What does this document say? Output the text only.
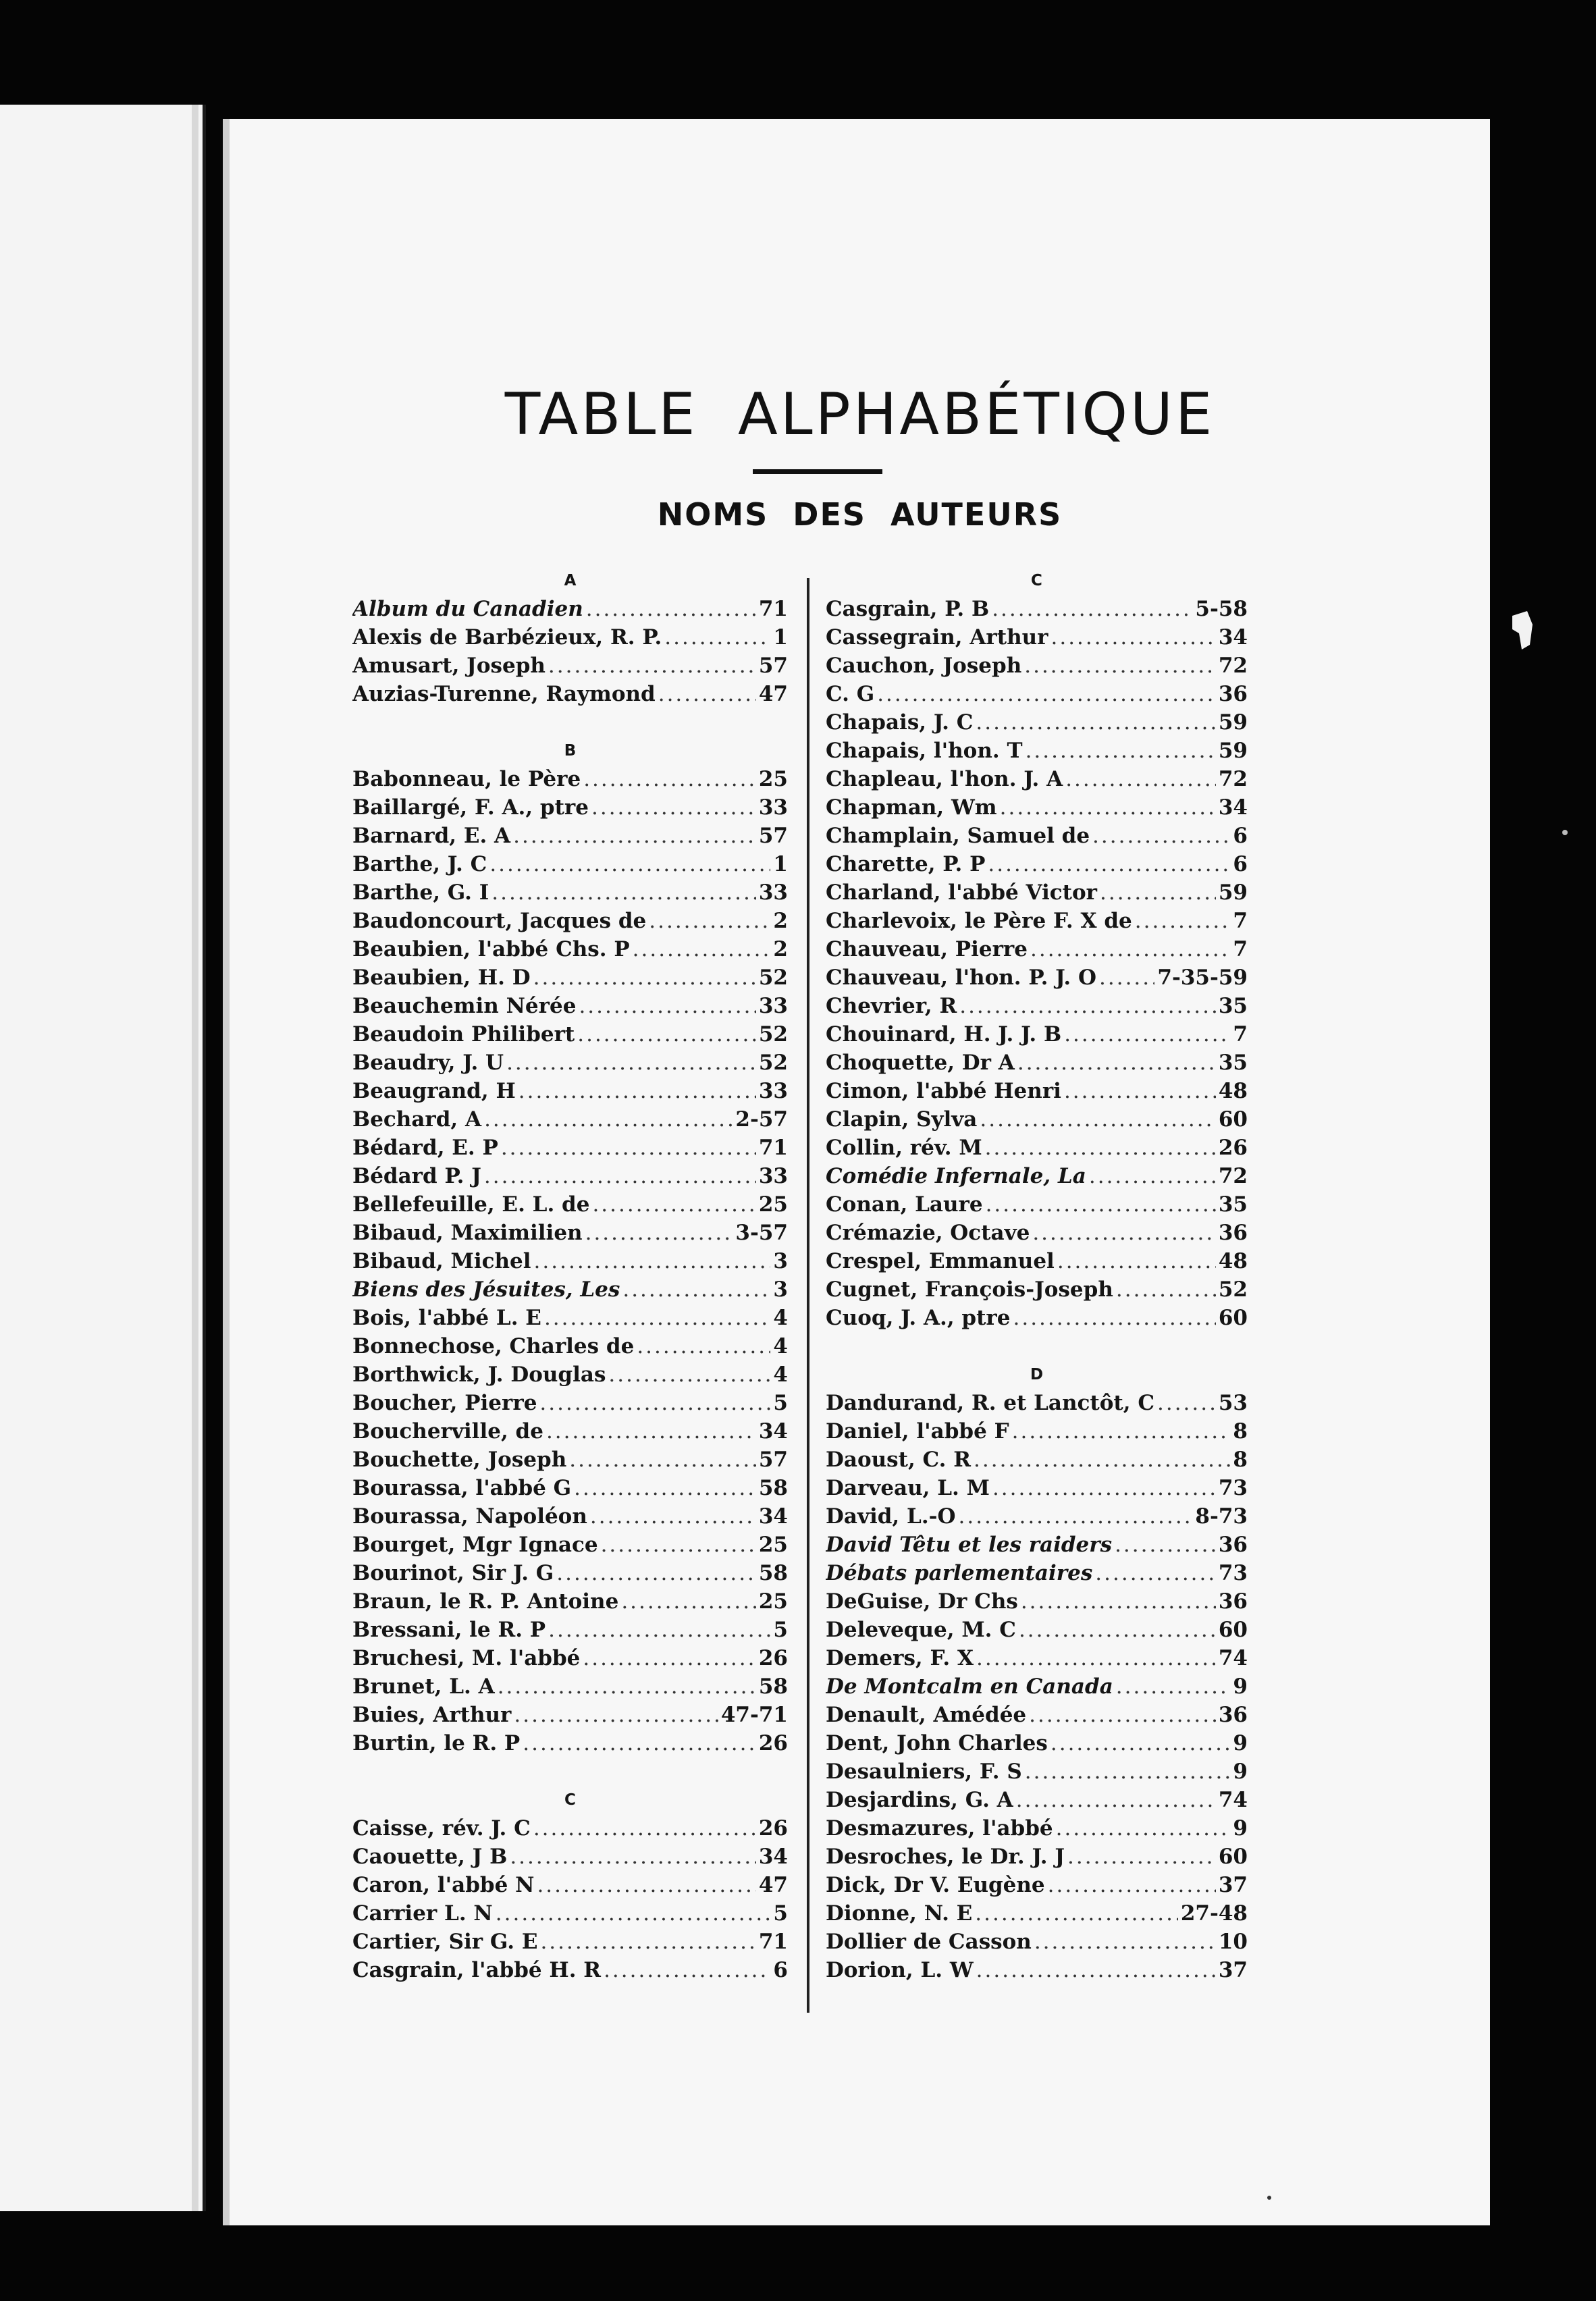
TABLE ALPHABÉTIQUE
NOMS DES AUTEURS
A
Album du Canadien .....	71
Alexis de Barbézieux, R. P. .....	1
Amusart, Joseph .....	57
Auzias-Turenne, Raymond .....	47
B
Babonneau, le Père .....	25
Baillargé, F. A., ptre .....	33
Barnard, E. A .....	57
Barthe, J. C .....	1
Barthe, G. I .....	33
Baudoncourt, Jacques de .....	2
Beaubien, l'abbé Chs. P .....	2
Beaubien, H. D .....	52
Beauchemin Nérée .....	33
Beaudoin Philibert .....	52
Beaudry, J. U .....	52
Beaugrand, H .....	33
Bechard, A .....	2-57
Bédard, E. P .....	71
Bédard P. J .....	33
Bellefeuille, E. L. de .....	25
Bibaud, Maximilien .....	3-57
Bibaud, Michel .....	3
Biens des Jésuites, Les .....	3
Bois, l'abbé L. E .....	4
Bonnechose, Charles de .....	4
Borthwick, J. Douglas .....	4
Boucher, Pierre .....	5
Boucherville, de .....	34
Bouchette, Joseph .....	57
Bourassa, l'abbé G .....	58
Bourassa, Napoléon .....	34
Bourget, Mgr Ignace .....	25
Bourinot, Sir J. G .....	58
Braun, le R. P. Antoine .....	25
Bressani, le R. P .....	5
Bruchesi, M. l'abbé .....	26
Brunet, L. A .....	58
Buies, Arthur .....	47-71
Burtin, le R. P .....	26
C
Caisse, rév. J. C .....	26
Caouette, J B .....	34
Caron, l'abbé N .....	47
Carrier L. N .....	5
Cartier, Sir G. E .....	71
Casgrain, l'abbé H. R .....	6
C
Casgrain, P. B .....	5-58
Cassegrain, Arthur .....	34
Cauchon, Joseph .....	72
C. G .....	36
Chapais, J. C .....	59
Chapais, l'hon. T .....	59
Chapleau, l'hon. J. A .....	72
Chapman, Wm .....	34
Champlain, Samuel de .....	6
Charette, P. P .....	6
Charland, l'abbé Victor .....	59
Charlevoix, le Père F. X de .....	7
Chauveau, Pierre .....	7
Chauveau, l'hon. P. J. O .....	7-35-59
Chevrier, R .....	35
Chouinard, H. J. J. B .....	7
Choquette, Dr A .....	35
Cimon, l'abbé Henri .....	48
Clapin, Sylva .....	60
Collin, rév. M .....	26
Comédie Infernale, La .....	72
Conan, Laure .....	35
Crémazie, Octave .....	36
Crespel, Emmanuel .....	48
Cugnet, François-Joseph .....	52
Cuoq, J. A., ptre .....	60
D
Dandurand, R. et Lanctôt, C .....	53
Daniel, l'abbé F .....	8
Daoust, C. R .....	8
Darveau, L. M .....	73
David, L.-O .....	8-73
David Têtu et les raiders .....	36
Débats parlementaires .....	73
DeGuise, Dr Chs .....	36
Deleveque, M. C .....	60
Demers, F. X .....	74
De Montcalm en Canada .....	9
Denault, Amédée .....	36
Dent, John Charles .....	9
Desaulniers, F. S .....	9
Desjardins, G. A .....	74
Desmazures, l'abbé .....	9
Desroches, le Dr. J. J .....	60
Dick, Dr V. Eugène .....	37
Dionne, N. E .....	27-48
Dollier de Casson .....	10
Dorion, L. W .....	37
